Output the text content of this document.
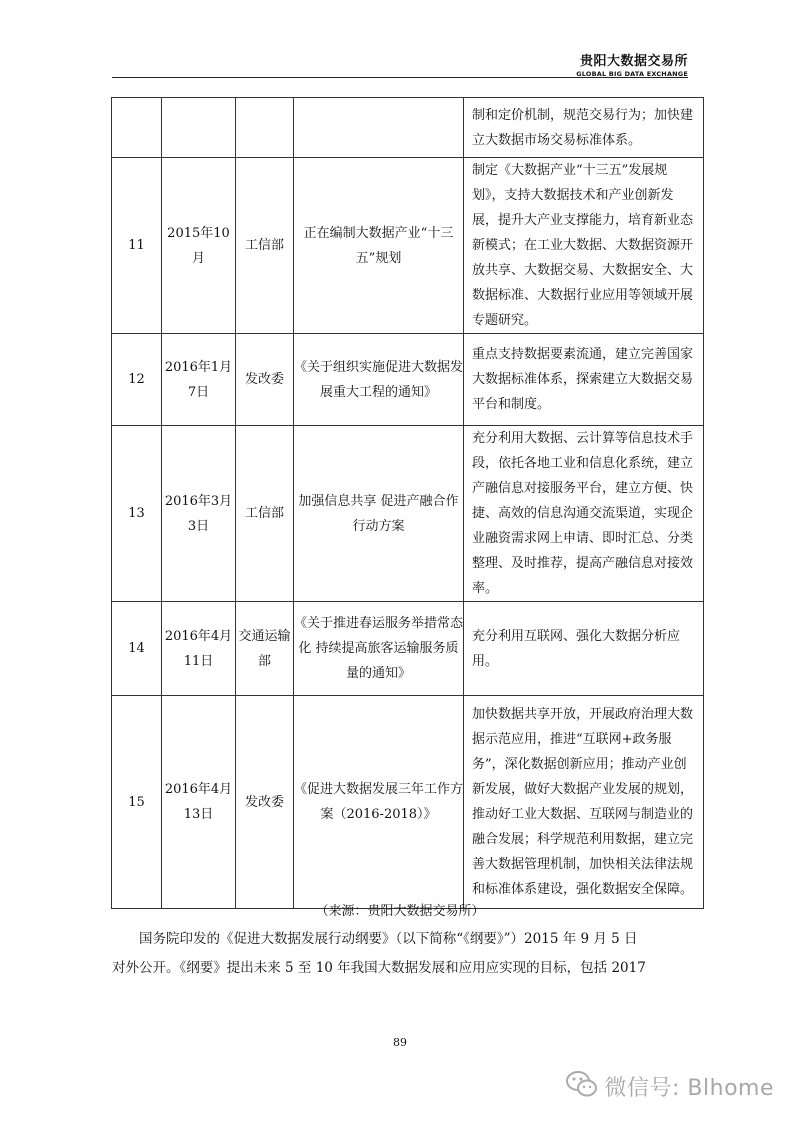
贵阳大数据交易所
GLOBAL BIG DATA EXCHANGE
				制和定价机制，规范交易行为；加快建立大数据市场交易标准体系。
11	2015年10月	工信部	正在编制大数据产业“十三五”规划	制定《大数据产业“十三五”发展规划》，支持大数据技术和产业创新发展，提升大产业支撑能力，培育新业态新模式；在工业大数据、大数据资源开放共享、大数据交易、大数据安全、大数据标准、大数据行业应用等领域开展专题研究。
12	2016年1月7日	发改委	《关于组织实施促进大数据发展重大工程的通知》	重点支持数据要素流通，建立完善国家大数据标准体系，探索建立大数据交易平台和制度。
13	2016年3月3日	工信部	加强信息共享 促进产融合作行动方案	充分利用大数据、云计算等信息技术手段，依托各地工业和信息化系统，建立产融信息对接服务平台，建立方便、快捷、高效的信息沟通交流渠道，实现企业融资需求网上申请、即时汇总、分类整理、及时推荐，提高产融信息对接效率。
14	2016年4月11日	交通运输部	《关于推进春运服务举措常态化 持续提高旅客运输服务质量的通知》	充分利用互联网、强化大数据分析应用。
15	2016年4月13日	发改委	《促进大数据发展三年工作方案（2016-2018）》	加快数据共享开放，开展政府治理大数据示范应用，推进“互联网+政务服务”，深化数据创新应用；推动产业创新发展，做好大数据产业发展的规划，推动好工业大数据、互联网与制造业的融合发展；科学规范利用数据，建立完善大数据管理机制，加快相关法律法规和标准体系建设，强化数据安全保障。
（来源：贵阳大数据交易所）
国务院印发的《促进大数据发展行动纲要》（以下简称“《纲要》”）2015 年 9 月 5 日
对外公开。《纲要》提出未来 5 至 10 年我国大数据发展和应用应实现的目标，包括 2017
89
微信号: Blhome
